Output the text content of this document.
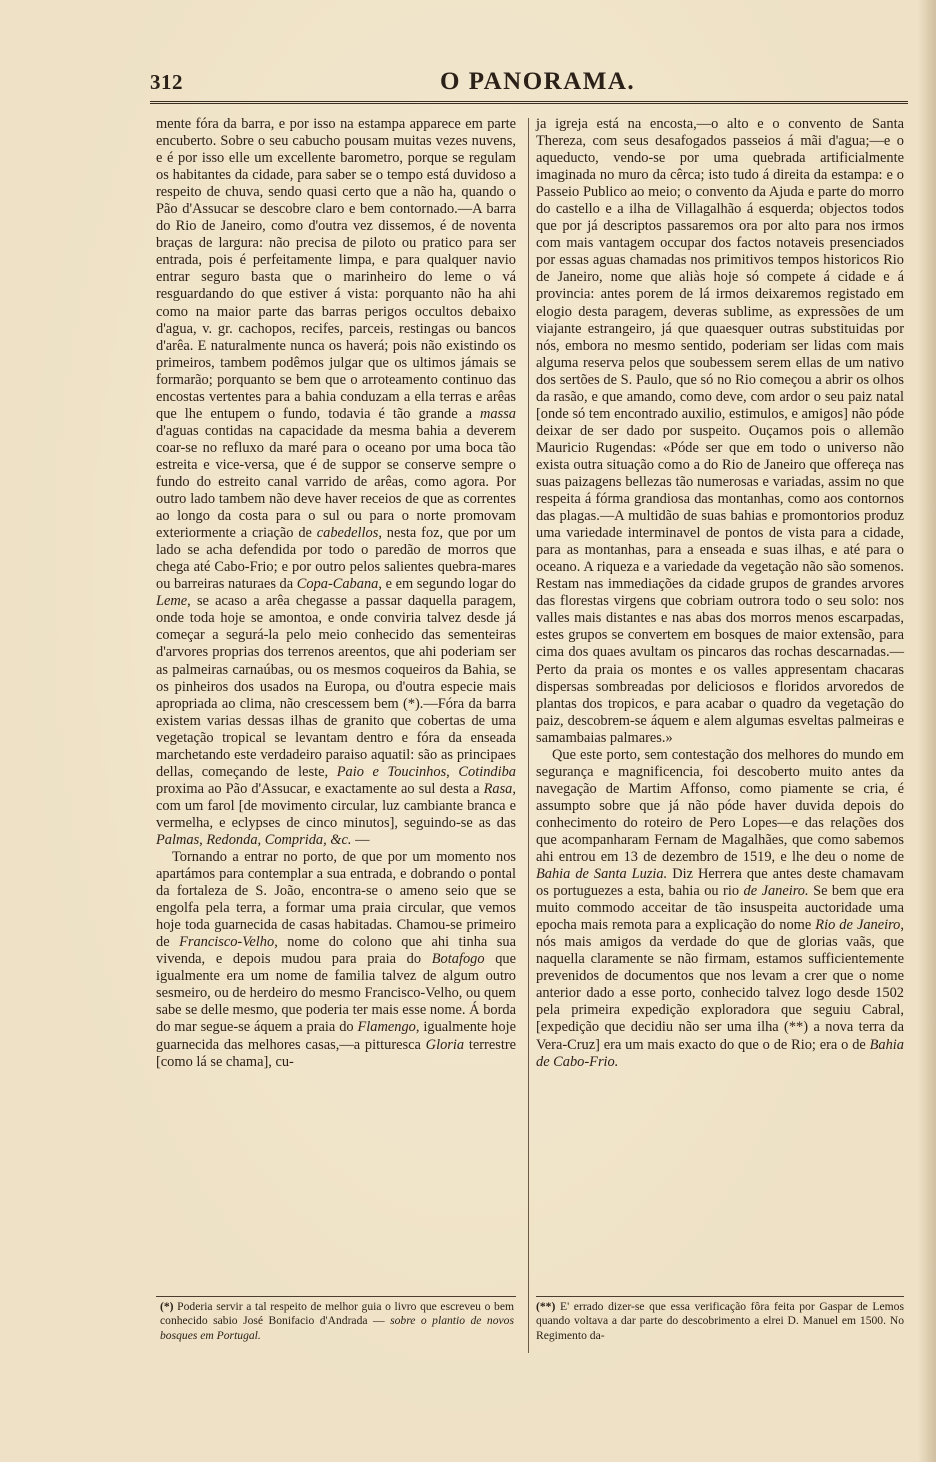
312	O PANORAMA.

mente fóra da barra, e por isso na estampa apparece em parte encuberto. Sobre o seu cabucho pousam muitas vezes nuvens, e é por isso elle um excellente barometro, porque se regulam os habitantes da cidade, para saber se o tempo está duvidoso a respeito de chuva, sendo quasi certo que a não ha, quando o Pão d'Assucar se descobre claro e bem contornado.—A barra do Rio de Janeiro, como d'outra vez dissemos, é de noventa braças de largura: não precisa de piloto ou pratico para ser entrada, pois é perfeitamente limpa, e para qualquer navio entrar seguro basta que o marinheiro do leme o vá resguardando do que estiver á vista: porquanto não ha ahi como na maior parte das barras perigos occultos debaixo d'agua, v. gr. cachopos, recifes, parceis, restingas ou bancos d'arêa. E naturalmente nunca os haverá; pois não existindo os primeiros, tambem podêmos julgar que os ultimos jámais se formarão; porquanto se bem que o arroteamento continuo das encostas vertentes para a bahia conduzam a ella terras e arêas que lhe entupem o fundo, todavia é tão grande a massa d'aguas contidas na capacidade da mesma bahia a deverem coar-se no refluxo da maré para o oceano por uma boca tão estreita e vice-versa, que é de suppor se conserve sempre o fundo do estreito canal varrido de arêas, como agora. Por outro lado tambem não deve haver receios de que as correntes ao longo da costa para o sul ou para o norte promovam exteriormente a criação de cabedellos, nesta foz, que por um lado se acha defendida por todo o paredão de morros que chega até Cabo-Frio; e por outro pelos salientes quebra-mares ou barreiras naturaes da Copa-Cabana, e em segundo logar do Leme, se acaso a arêa chegasse a passar daquella paragem, onde toda hoje se amontoa, e onde conviria talvez desde já começar a segurá-la pelo meio conhecido das sementeiras d'arvores proprias dos terrenos areentos, que ahi poderiam ser as palmeiras carnaúbas, ou os mesmos coqueiros da Bahia, se os pinheiros dos usados na Europa, ou d'outra especie mais apropriada ao clima, não crescessem bem (*).—Fóra da barra existem varias dessas ilhas de granito que cobertas de uma vegetação tropical se levantam dentro e fóra da enseada marchetando este verdadeiro paraiso aquatil: são as principaes dellas, começando de leste, Paio e Toucinhos, Cotindiba proxima ao Pão d'Assucar, e exactamente ao sul desta a Rasa, com um farol [de movimento circular, luz cambiante branca e vermelha, e eclypses de cinco minutos], seguindo-se as das Palmas, Redonda, Comprida, &c. —

Tornando a entrar no porto, de que por um momento nos apartámos para contemplar a sua entrada, e dobrando o pontal da fortaleza de S. João, encontra-se o ameno seio que se engolfa pela terra, a formar uma praia circular, que vemos hoje toda guarnecida de casas habitadas. Chamou-se primeiro de Francisco-Velho, nome do colono que ahi tinha sua vivenda, e depois mudou para praia do Botafogo que igualmente era um nome de familia talvez de algum outro sesmeiro, ou de herdeiro do mesmo Francisco-Velho, ou quem sabe se delle mesmo, que poderia ter mais esse nome. Á borda do mar segue-se áquem a praia do Flamengo, igualmente hoje guarnecida das melhores casas,—a pitturesca Gloria terrestre [como lá se chama], cu-

ja igreja está na encosta,—o alto e o convento de Santa Thereza, com seus desafogados passeios á mãi d'agua;—e o aqueducto, vendo-se por uma quebrada artificialmente imaginada no muro da cêrca; isto tudo á direita da estampa: e o Passeio Publico ao meio; o convento da Ajuda e parte do morro do castello e a ilha de Villagalhão á esquerda; objectos todos que por já descriptos passaremos ora por alto para nos irmos com mais vantagem occupar dos factos notaveis presenciados por essas aguas chamadas nos primitivos tempos historicos Rio de Janeiro, nome que aliàs hoje só compete á cidade e á provincia: antes porem de lá irmos deixaremos registado em elogio desta paragem, deveras sublime, as expressões de um viajante estrangeiro, já que quaesquer outras substituidas por nós, embora no mesmo sentido, poderiam ser lidas com mais alguma reserva pelos que soubessem serem ellas de um nativo dos sertões de S. Paulo, que só no Rio começou a abrir os olhos da rasão, e que amando, como deve, com ardor o seu paiz natal [onde só tem encontrado auxilio, estimulos, e amigos] não póde deixar de ser dado por suspeito. Ouçamos pois o allemão Mauricio Rugendas: «Póde ser que em todo o universo não exista outra situação como a do Rio de Janeiro que offereça nas suas paizagens bellezas tão numerosas e variadas, assim no que respeita á fórma grandiosa das montanhas, como aos contornos das plagas.—A multidão de suas bahias e promontorios produz uma variedade interminavel de pontos de vista para a cidade, para as montanhas, para a enseada e suas ilhas, e até para o oceano. A riqueza e a variedade da vegetação não são somenos. Restam nas immediações da cidade grupos de grandes arvores das florestas virgens que cobriam outrora todo o seu solo: nos valles mais distantes e nas abas dos morros menos escarpadas, estes grupos se convertem em bosques de maior extensão, para cima dos quaes avultam os pincaros das rochas descarnadas.— Perto da praia os montes e os valles appresentam chacaras dispersas sombreadas por deliciosos e floridos arvoredos de plantas dos tropicos, e para acabar o quadro da vegetação do paiz, descobrem-se áquem e alem algumas esveltas palmeiras e samambaias palmares.»

Que este porto, sem contestação dos melhores do mundo em segurança e magnificencia, foi descoberto muito antes da navegação de Martim Affonso, como piamente se cria, é assumpto sobre que já não póde haver duvida depois do conhecimento do roteiro de Pero Lopes—e das relações dos que acompanharam Fernam de Magalhães, que como sabemos ahi entrou em 13 de dezembro de 1519, e lhe deu o nome de Bahia de Santa Luzia. Diz Herrera que antes deste chamavam os portuguezes a esta, bahia ou rio de Janeiro. Se bem que era muito commodo acceitar de tão insuspeita auctoridade uma epocha mais remota para a explicação do nome Rio de Janeiro, nós mais amigos da verdade do que de glorias vaãs, que naquella claramente se não firmam, estamos sufficientemente prevenidos de documentos que nos levam a crer que o nome anterior dado a esse porto, conhecido talvez logo desde 1502 pela primeira expedição exploradora que seguiu Cabral, [expedição que decidiu não ser uma ilha (**) a nova terra da Vera-Cruz] era um mais exacto do que o de Rio; era o de Bahia de Cabo-Frio.

(*) Poderia servir a tal respeito de melhor guia o livro que escreveu o bem conhecido sabio José Bonifacio d'Andrada — sobre o plantio de novos bosques em Portugal.
(**) E' errado dizer-se que essa verificação fôra feita por Gaspar de Lemos quando voltava a dar parte do descobrimento a elrei D. Manuel em 1500. No Regimento da-
